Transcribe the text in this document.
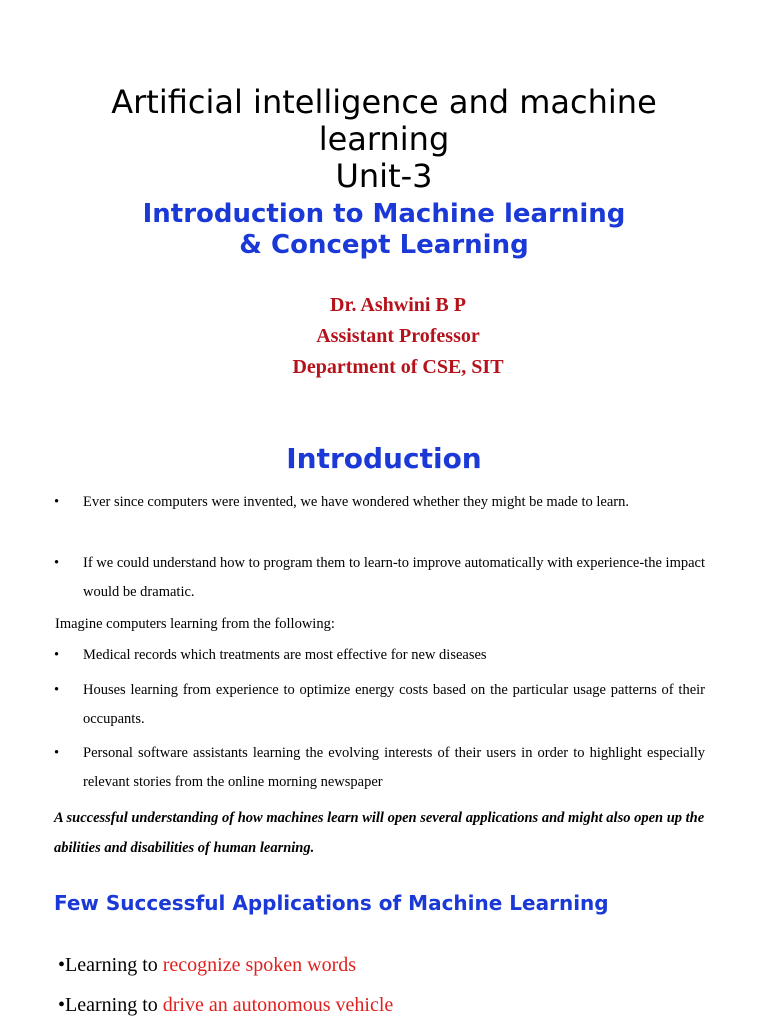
Artificial intelligence and machine
learning
Unit-3
Introduction to Machine learning
& Concept Learning
Dr. Ashwini B P
Assistant Professor
Department of CSE, SIT
Introduction
• Ever since computers were invented, we have wondered whether they might be made to learn.
• If we could understand how to program them to learn-to improve automatically with experience-the impact would be dramatic.
Imagine computers learning from the following:
• Medical records which treatments are most effective for new diseases
• Houses learning from experience to optimize energy costs based on the particular usage patterns of their occupants.
• Personal software assistants learning the evolving interests of their users in order to highlight especially relevant stories from the online morning newspaper
A successful understanding of how machines learn will open several applications and might also open up the abilities and disabilities of human learning.
Few Successful Applications of Machine Learning
•Learning to recognize spoken words
•Learning to drive an autonomous vehicle
